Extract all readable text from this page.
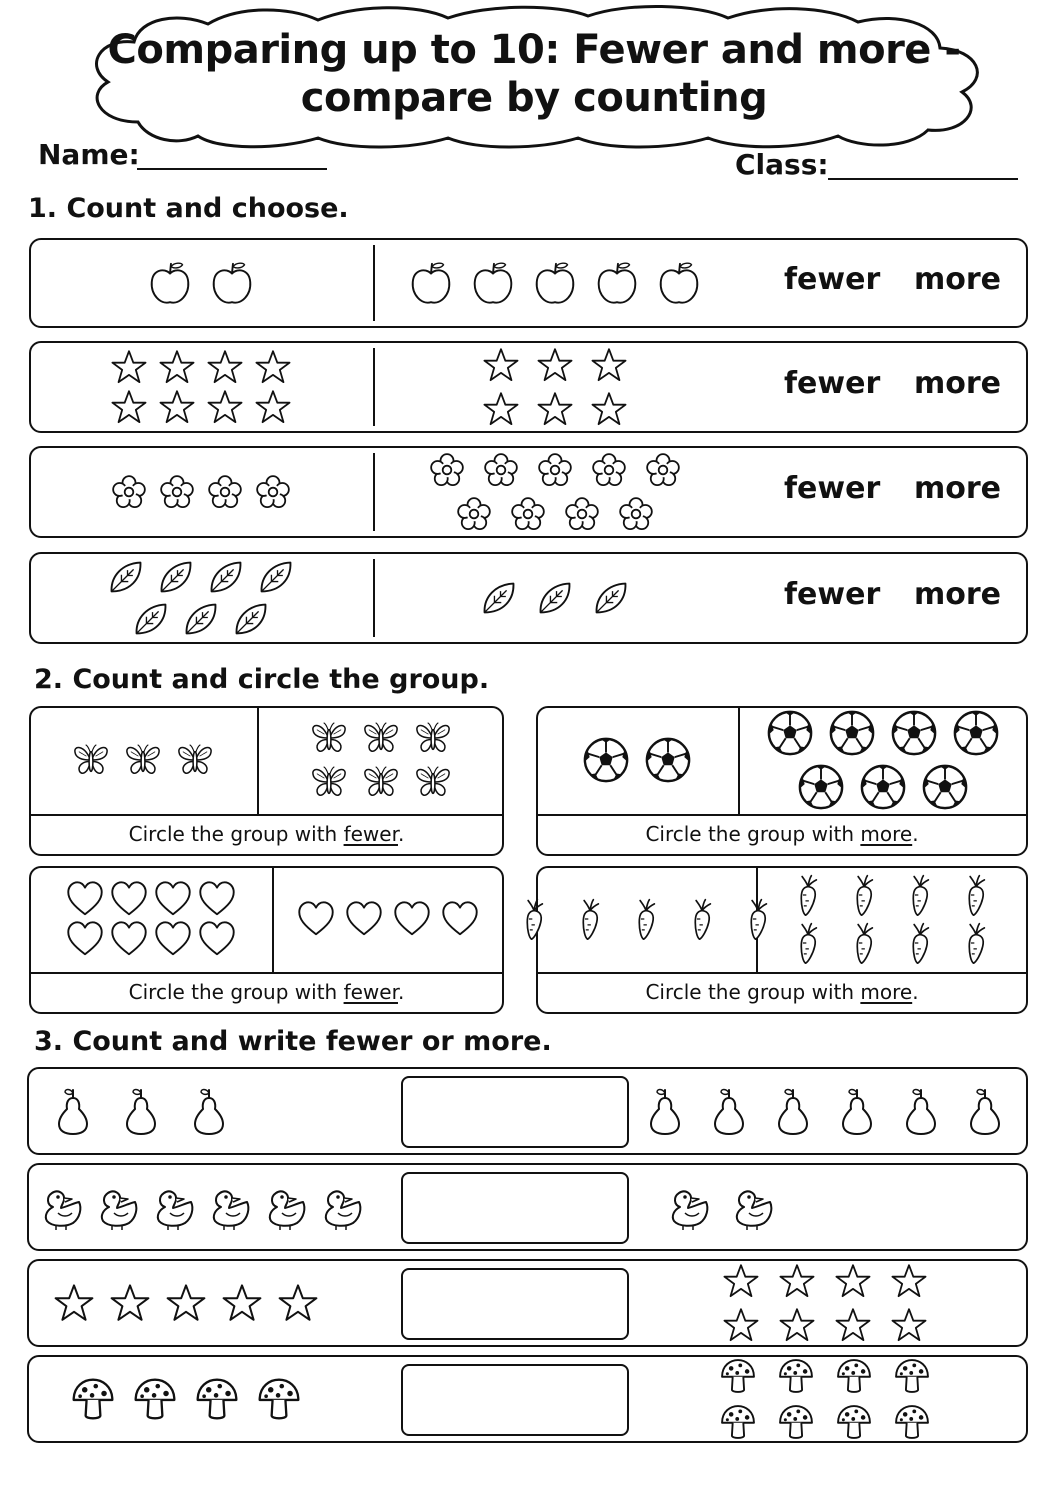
Comparing up to 10: Fewer and more -
compare by counting
Name:	Class:
1. Count and choose.
fewer more
fewer more
fewer more
fewer more
2. Count and circle the group.
Circle the group with fewer.	Circle the group with more.
Circle the group with fewer.	Circle the group with more.
3. Count and write fewer or more.
